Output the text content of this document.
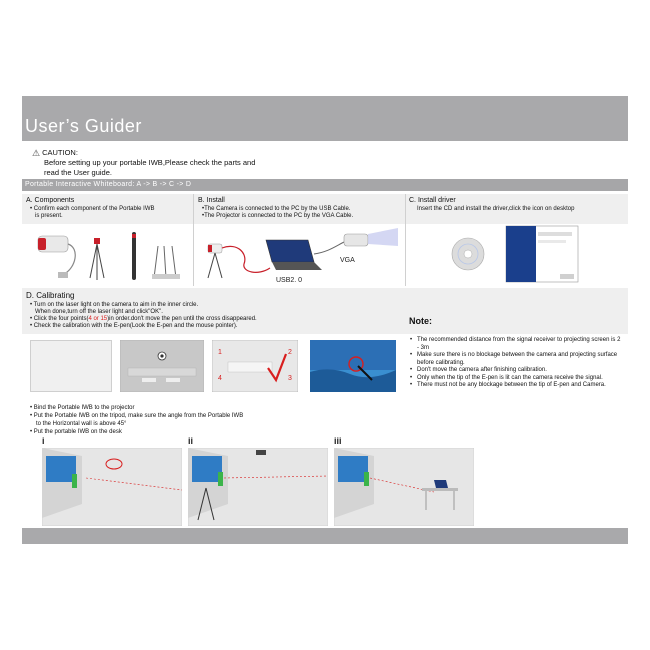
User’s Guider
⚠ CAUTION:
Before setting up your portable IWB,Please check the parts and
read the User guide.
Portable Interactive Whiteboard: A -> B -> C -> D
A. Components
• Confirm each component of the Portable IWB
is present.
B. Install
•The Camera is connected to the PC by the USB Cable.
•The Projector is connected to the PC by the VGA Cable.
C. Install driver
Insert the CD and install the driver,click the icon on desktop
VGA
USB2. 0
D. Calibrating
• Turn on the laser light on the camera to aim in the inner circle.
When done,turn off the laser light and click"OK".
• Click the four points(4 or 15)in order.don't move the pen until the cross disappeared.
• Check the calibration with the E-pen(Look the E-pen and the mouse pointer).	Note:
1	2
3
4
• The recommended distance from the signal receiver to projecting screen is 2 - 3m
• Make sure there is no blockage between the camera and projecting surface before calibrating.
• Don't move the camera after finishing calibration.
• Only when the tip of the E-pen is lit can the camera receive the signal.
• There must not be any blockage between the tip of E-pen and Camera.
• Bind the Portable IWB to the projector
• Put the Portable IWB on the tripod, make sure the angle from the Portable IWB
to the Horizontal wall is above 45°
• Put the portable IWB on the desk
i	ii	iii
